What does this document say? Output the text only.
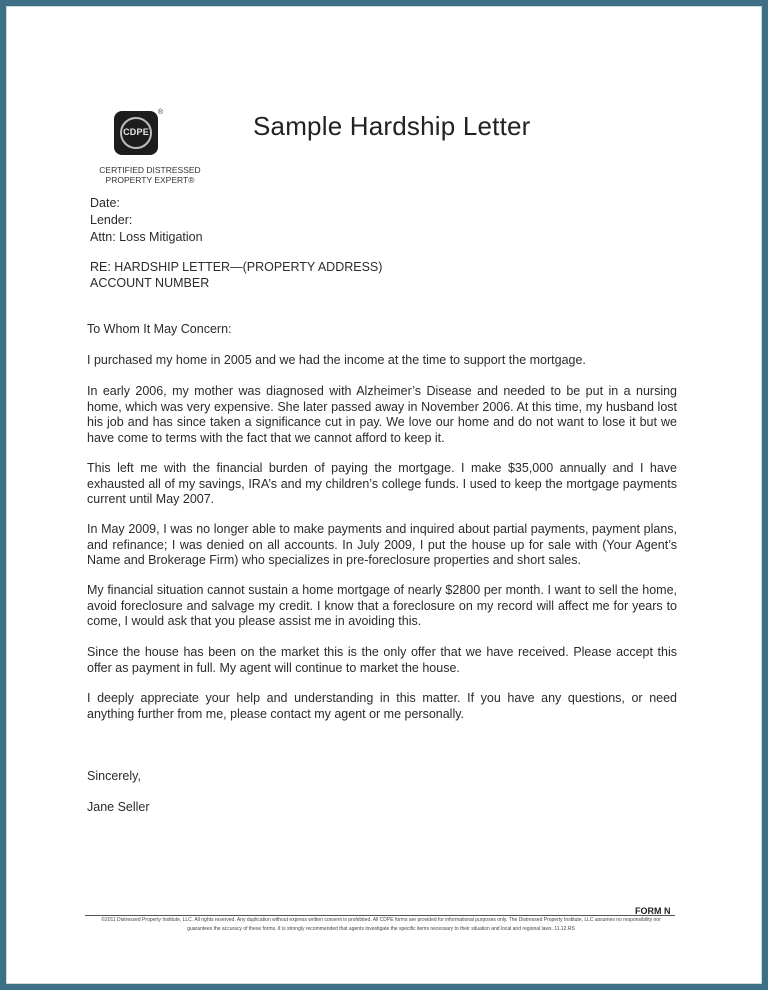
CDPE
®
CERTIFIED DISTRESSED
PROPERTY EXPERT®
Sample Hardship Letter
Date:
Lender:
Attn: Loss Mitigation
RE: HARDSHIP LETTER—(PROPERTY ADDRESS)
ACCOUNT NUMBER
To Whom It May Concern:
I purchased my home in 2005 and we had the income at the time to support the mortgage.
In early 2006, my mother was diagnosed with Alzheimer’s Disease and needed to be put in a nursing home, which was very expensive. She later passed away in November 2006. At this time, my husband lost his job and has since taken a significance cut in pay. We love our home and do not want to lose it but we have come to terms with the fact that we cannot afford to keep it.
This left me with the financial burden of paying the mortgage. I make $35,000 annually and I have exhausted all of my savings, IRA’s and my children’s college funds. I used to keep the mortgage payments current until May 2007.
In May 2009, I was no longer able to make payments and inquired about partial payments, payment plans, and refinance; I was denied on all accounts. In July 2009, I put the house up for sale with (Your Agent’s Name and Brokerage Firm) who specializes in pre-foreclosure properties and short sales.
My financial situation cannot sustain a home mortgage of nearly $2800 per month. I want to sell the home, avoid foreclosure and salvage my credit. I know that a foreclosure on my record will affect me for years to come, I would ask that you please assist me in avoiding this.
Since the house has been on the market this is the only offer that we have received. Please accept this offer as payment in full. My agent will continue to market the house.
I deeply appreciate your help and understanding in this matter. If you have any questions, or need anything further from me, please contact my agent or me personally.
Sincerely,
Jane Seller
FORM N
©2011 Distressed Property Institute, LLC. All rights reserved. Any duplication without express written consent is prohibited. All CDPE forms are provided for informational purposes only. The Distressed Property Institute, LLC assumes no responsibility nor guarantees the accuracy of these forms. It is strongly recommended that agents investigate the specific items necessary to their situation and local and regional laws. 11.12.RS
